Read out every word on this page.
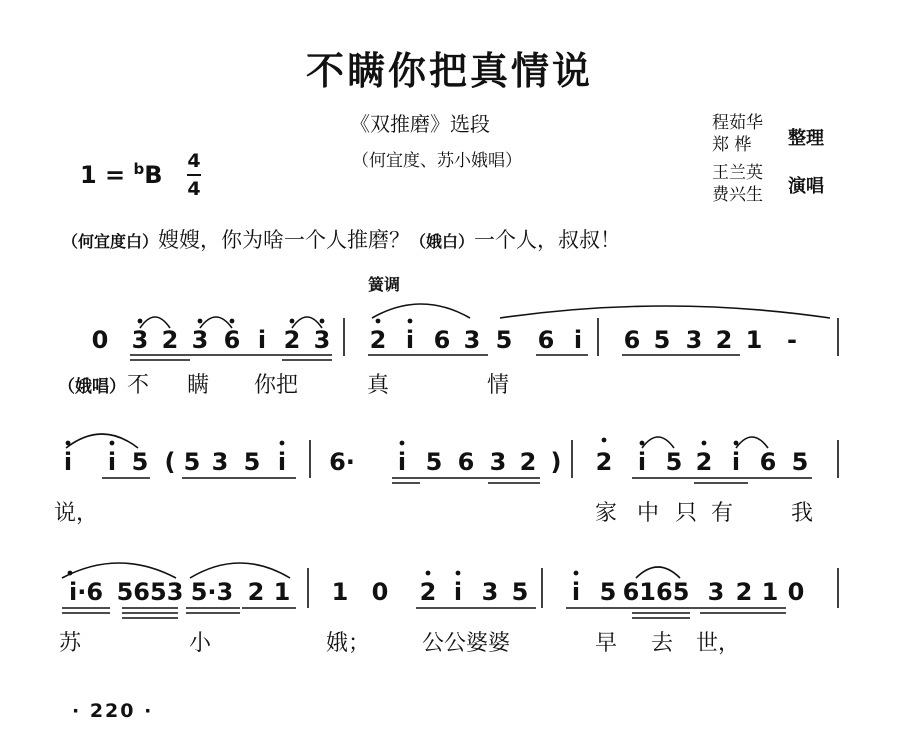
不瞒你把真情说
《双推磨》选段
（何宜度、苏小娥唱）
1 = $^b$B 4
4
程茹华
郑 桦	整理
王兰英
费兴生 演唱
（何宜度白）嫂嫂，你为啥一个人推磨？（娥白）一个人，叔叔！
簧调
0 3 2 3 6 i 2 3 2 i 6 3 5 6 i 6 5 3 2 1 -
（娥唱） 不 瞒 你把	真	情
i i 5 ( 5 3 5 i 6· i 5 6 3 2 ) 2 i 5 2 i 6 5
说，	家 中 只 有	我
i·6 5653 5·3 2 1 1 0 2 i 3 5 i 5 6165 3 2 1 0
苏	小	娥； 公公婆婆	早 去 世，
· 220 ·
